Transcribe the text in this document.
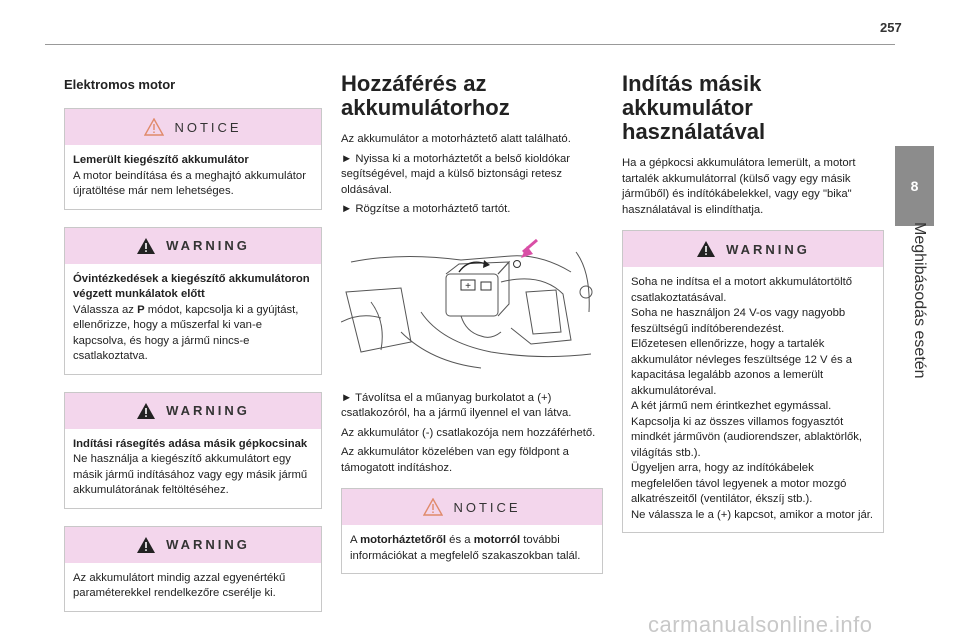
257
8
Meghibásodás esetén
Elektromos motor
NOTICE
Lemerült kiegészítő akkumulátor
A motor beindítása és a meghajtó akkumulátor újratöltése már nem lehetséges.
WARNING
Óvintézkedések a kiegészítő akkumulátoron végzett munkálatok előtt
Válassza az P módot, kapcsolja ki a gyújtást, ellenőrizze, hogy a műszerfal ki van-e kapcsolva, és hogy a jármű nincs-e csatlakoztatva.
WARNING
Indítási rásegítés adása másik gépkocsinak
Ne használja a kiegészítő akkumulátort egy másik jármű indításához vagy egy másik jármű akkumulátorának feltöltéséhez.
WARNING
Az akkumulátort mindig azzal egyenértékű paraméterekkel rendelkezőre cserélje ki.
Hozzáférés az akkumulátorhoz

Az akkumulátor a motorháztető alatt található.

► Nyissa ki a motorháztetőt a belső kioldókar segítségével, majd a külső biztonsági retesz oldásával.

► Rögzítse a motorháztető tartót.

+

► Távolítsa el a műanyag burkolatot a (+) csatlakozóról, ha a jármű ilyennel el van látva.

Az akkumulátor (-) csatlakozója nem hozzáférhető.

Az akkumulátor közelében van egy földpont a támogatott indításhoz.

NOTICE
A motorháztetőről és a motorról további információkat a megfelelő szakaszokban talál.
Indítás másik akkumulátor használatával

Ha a gépkocsi akkumulátora lemerült, a motort tartalék akkumulátorral (külső vagy egy másik járműből) és indítókábelekkel, vagy egy "bika" használatával is elindíthatja.

WARNING
Soha ne indítsa el a motort akkumulátortöltő csatlakoztatásával.
Soha ne használjon 24 V-os vagy nagyobb feszültségű indítóberendezést.
Előzetesen ellenőrizze, hogy a tartalék akkumulátor névleges feszültsége 12 V és a kapacitása legalább azonos a lemerült akkumulátoréval.
A két jármű nem érintkezhet egymással.
Kapcsolja ki az összes villamos fogyasztót mindkét járművön (audiorendszer, ablaktörlők, világítás stb.).
Ügyeljen arra, hogy az indítókábelek megfelelően távol legyenek a motor mozgó alkatrészeitől (ventilátor, ékszíj stb.).
Ne válassza le a (+) kapcsot, amikor a motor jár.
carmanualsonline.info
